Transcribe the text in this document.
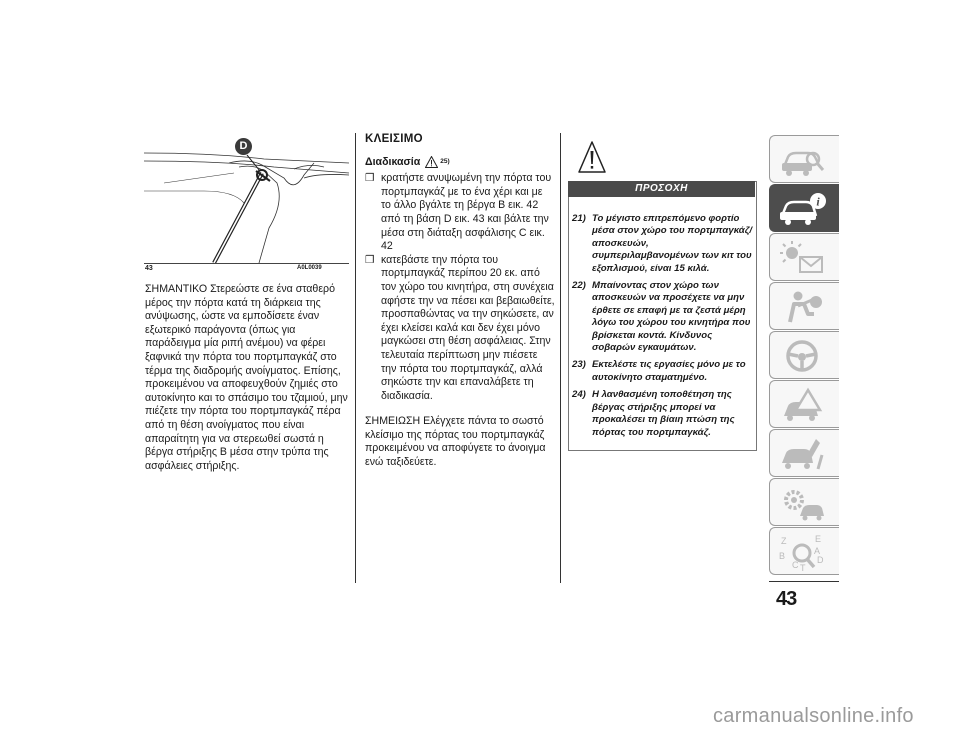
D
43	A0L0039
ΣΗΜΑΝΤΙΚΟ Στερεώστε σε ένα σταθερό μέρος την πόρτα κατά τη διάρκεια της ανύψωσης, ώστε να εμποδίσετε έναν εξωτερικό παράγοντα (όπως για παράδειγμα μία ριπή ανέμου) να φέρει ξαφνικά την πόρτα του πορτμπαγκάζ στο τέρμα της διαδρομής ανοίγματος. Επίσης, προκειμένου να αποφευχθούν ζημιές στο αυτοκίνητο και το σπάσιμο του τζαμιού, μην πιέζετε την πόρτα του πορτμπαγκάζ πέρα από τη θέση ανοίγματος που είναι απαραίτητη για να στερεωθεί σωστά η βέργα στήριξης B μέσα στην τρύπα της ασφάλειες στήριξης.
ΚΛΕΙΣΙΜΟ
Διαδικασία	25)
❒ κρατήστε ανυψωμένη την πόρτα του πορτμπαγκάζ με το ένα χέρι και με το άλλο βγάλτε τη βέργα B εικ. 42 από τη βάση D εικ. 43 και βάλτε την μέσα στη διάταξη ασφάλισης C εικ. 42
❒ κατεβάστε την πόρτα του πορτμπαγκάζ περίπου 20 εκ. από τον χώρο του κινητήρα, στη συνέχεια αφήστε την να πέσει και βεβαιωθείτε, προσπαθώντας να την σηκώσετε, αν έχει κλείσει καλά και δεν έχει μόνο μαγκώσει στη θέση ασφάλειας. Στην τελευταία περίπτωση μην πιέσετε την πόρτα του πορτμπαγκάζ, αλλά σηκώστε την και επαναλάβετε τη διαδικασία.
ΣΗΜΕΙΩΣΗ Ελέγχετε πάντα το σωστό κλείσιμο της πόρτας του πορτμπαγκάζ προκειμένου να αποφύγετε το άνοιγμα ενώ ταξιδεύετε.
ΠΡΟΣΟΧΗ
21) Το μέγιστο επιτρεπόμενο φορτίο μέσα στον χώρο του πορτμπαγκάζ/αποσκευών, συμπεριλαμβανομένων των κιτ του εξοπλισμού, είναι 15 κιλά.
22) Μπαίνοντας στον χώρο των αποσκευών να προσέχετε να μην έρθετε σε επαφή με τα ζεστά μέρη λόγω του χώρου του κινητήρα που βρίσκεται κοντά. Κίνδυνος σοβαρών εγκαυμάτων.
23) Εκτελέστε τις εργασίες μόνο με το αυτοκίνητο σταματημένο.
24) Η λανθασμένη τοποθέτηση της βέργας στήριξης μπορεί να προκαλέσει τη βίαιη πτώση της πόρτας του πορτμπαγκάζ.
i
Z	E
A
B
C T
D
43
carmanualsonline.info
